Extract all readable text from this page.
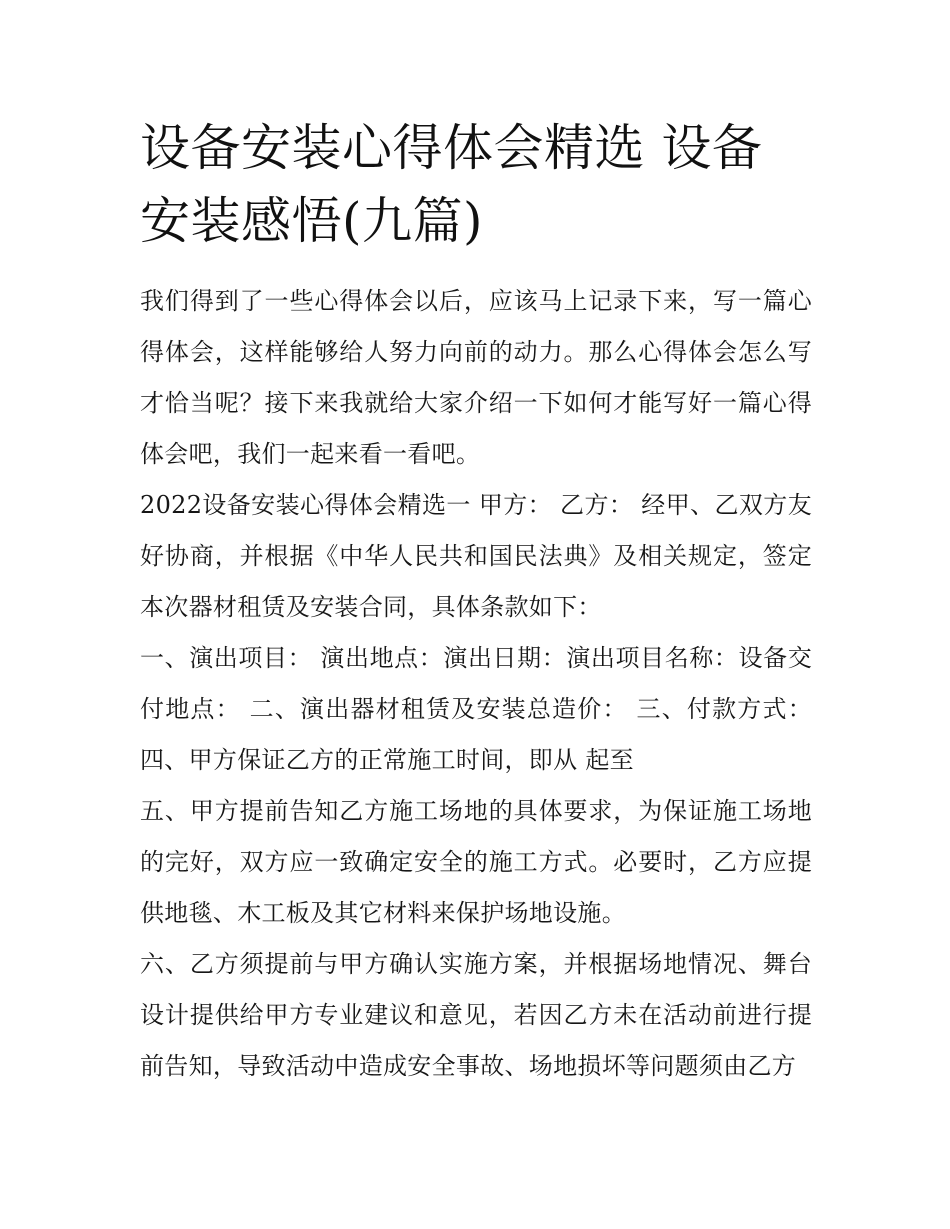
设备安装心得体会精选 设备安装感悟(九篇)

我们得到了一些心得体会以后，应该马上记录下来，写一篇心得体会，这样能够给人努力向前的动力。那么心得体会怎么写才恰当呢？接下来我就给大家介绍一下如何才能写好一篇心得体会吧，我们一起来看一看吧。

2022设备安装心得体会精选一 甲方： 乙方： 经甲、乙双方友好协商，并根据《中华人民共和国民法典》及相关规定，签定本次器材租赁及安装合同，具体条款如下：

一、演出项目： 演出地点：演出日期：演出项目名称：设备交付地点： 二、演出器材租赁及安装总造价： 三、付款方式： 四、甲方保证乙方的正常施工时间，即从 起至

五、甲方提前告知乙方施工场地的具体要求，为保证施工场地的完好，双方应一致确定安全的施工方式。必要时，乙方应提供地毯、木工板及其它材料来保护场地设施。

六、乙方须提前与甲方确认实施方案，并根据场地情况、舞台设计提供给甲方专业建议和意见，若因乙方未在活动前进行提前告知，导致活动中造成安全事故、场地损坏等问题须由乙方
